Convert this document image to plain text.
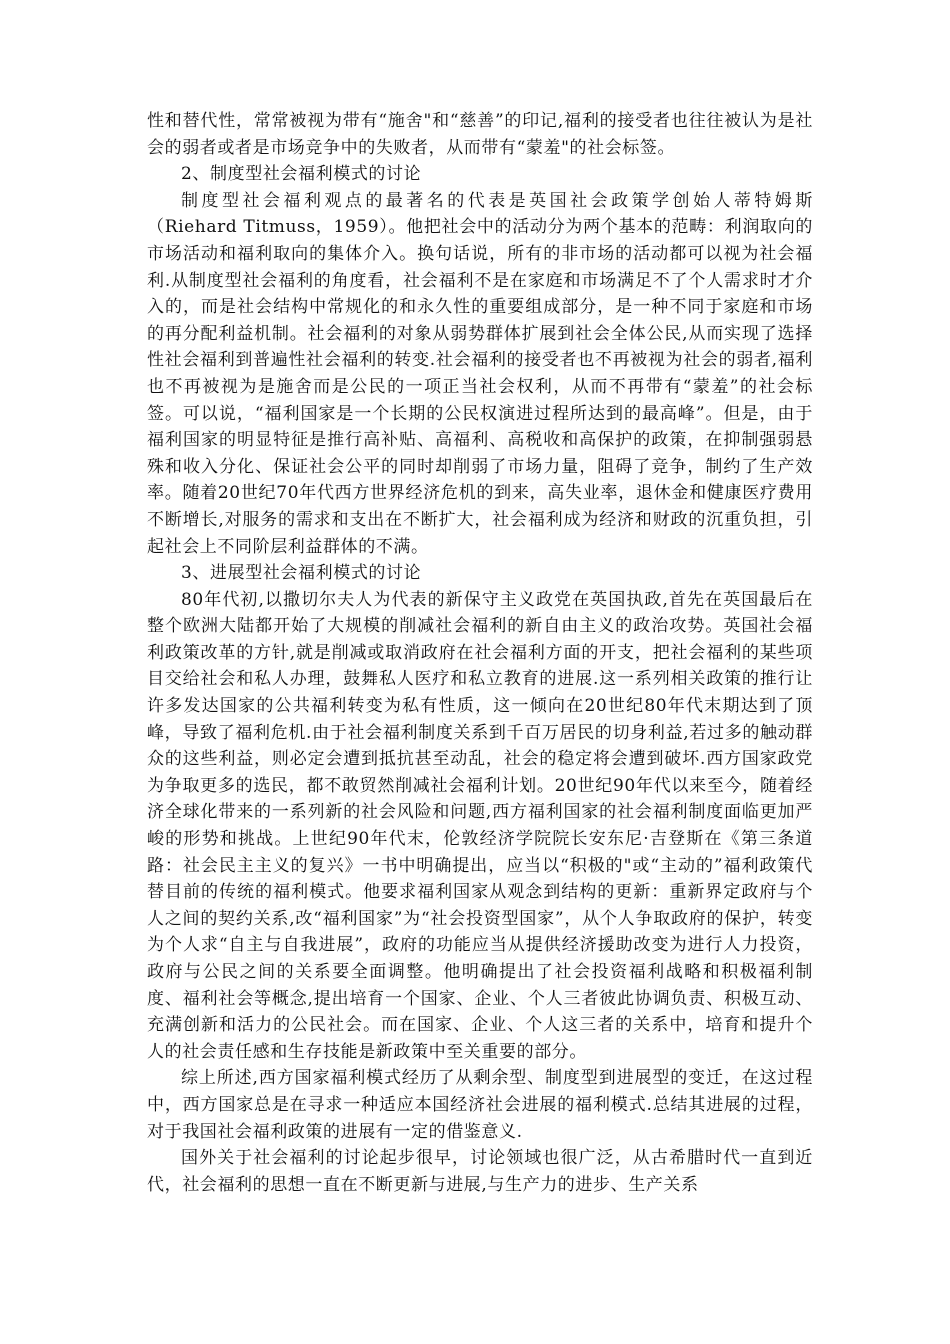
性和替代性，常常被视为带有“施舍"和“慈善”的印记,福利的接受者也往往被认为是社会的弱者或者是市场竞争中的失败者，从而带有“蒙羞"的社会标签。

2、制度型社会福利模式的讨论

制度型社会福利观点的最著名的代表是英国社会政策学创始人蒂特姆斯（Riehard Titmuss，1959）。他把社会中的活动分为两个基本的范畴：利润取向的市场活动和福利取向的集体介入。换句话说，所有的非市场的活动都可以视为社会福利.从制度型社会福利的角度看，社会福利不是在家庭和市场满足不了个人需求时才介入的，而是社会结构中常规化的和永久性的重要组成部分，是一种不同于家庭和市场的再分配利益机制。社会福利的对象从弱势群体扩展到社会全体公民,从而实现了选择性社会福利到普遍性社会福利的转变.社会福利的接受者也不再被视为社会的弱者,福利也不再被视为是施舍而是公民的一项正当社会权利，从而不再带有“蒙羞”的社会标签。可以说，“福利国家是一个长期的公民权演进过程所达到的最高峰”。但是，由于福利国家的明显特征是推行高补贴、高福利、高税收和高保护的政策，在抑制强弱悬殊和收入分化、保证社会公平的同时却削弱了市场力量，阻碍了竞争，制约了生产效率。随着20世纪70年代西方世界经济危机的到来，高失业率，退休金和健康医疗费用不断增长,对服务的需求和支出在不断扩大，社会福利成为经济和财政的沉重负担，引起社会上不同阶层利益群体的不满。

3、进展型社会福利模式的讨论

80年代初,以撒切尔夫人为代表的新保守主义政党在英国执政,首先在英国最后在整个欧洲大陆都开始了大规模的削减社会福利的新自由主义的政治攻势。英国社会福利政策改革的方针,就是削减或取消政府在社会福利方面的开支，把社会福利的某些项目交给社会和私人办理，鼓舞私人医疗和私立教育的进展.这一系列相关政策的推行让许多发达国家的公共福利转变为私有性质，这一倾向在20世纪80年代末期达到了顶峰，导致了福利危机.由于社会福利制度关系到千百万居民的切身利益,若过多的触动群众的这些利益，则必定会遭到抵抗甚至动乱，社会的稳定将会遭到破坏.西方国家政党为争取更多的选民，都不敢贸然削减社会福利计划。20世纪90年代以来至今，随着经济全球化带来的一系列新的社会风险和问题,西方福利国家的社会福利制度面临更加严峻的形势和挑战。上世纪90年代末，伦敦经济学院院长安东尼·吉登斯在《第三条道路：社会民主主义的复兴》一书中明确提出，应当以“积极的"或“主动的”福利政策代替目前的传统的福利模式。他要求福利国家从观念到结构的更新：重新界定政府与个人之间的契约关系,改“福利国家”为“社会投资型国家”，从个人争取政府的保护，转变为个人求“自主与自我进展”，政府的功能应当从提供经济援助改变为进行人力投资，政府与公民之间的关系要全面调整。他明确提出了社会投资福利战略和积极福利制度、福利社会等概念,提出培育一个国家、企业、个人三者彼此协调负责、积极互动、充满创新和活力的公民社会。而在国家、企业、个人这三者的关系中，培育和提升个人的社会责任感和生存技能是新政策中至关重要的部分。

综上所述,西方国家福利模式经历了从剩余型、制度型到进展型的变迁，在这过程中，西方国家总是在寻求一种适应本国经济社会进展的福利模式.总结其进展的过程，对于我国社会福利政策的进展有一定的借鉴意义.

国外关于社会福利的讨论起步很早，讨论领域也很广泛，从古希腊时代一直到近代，社会福利的思想一直在不断更新与进展,与生产力的进步、生产关系
